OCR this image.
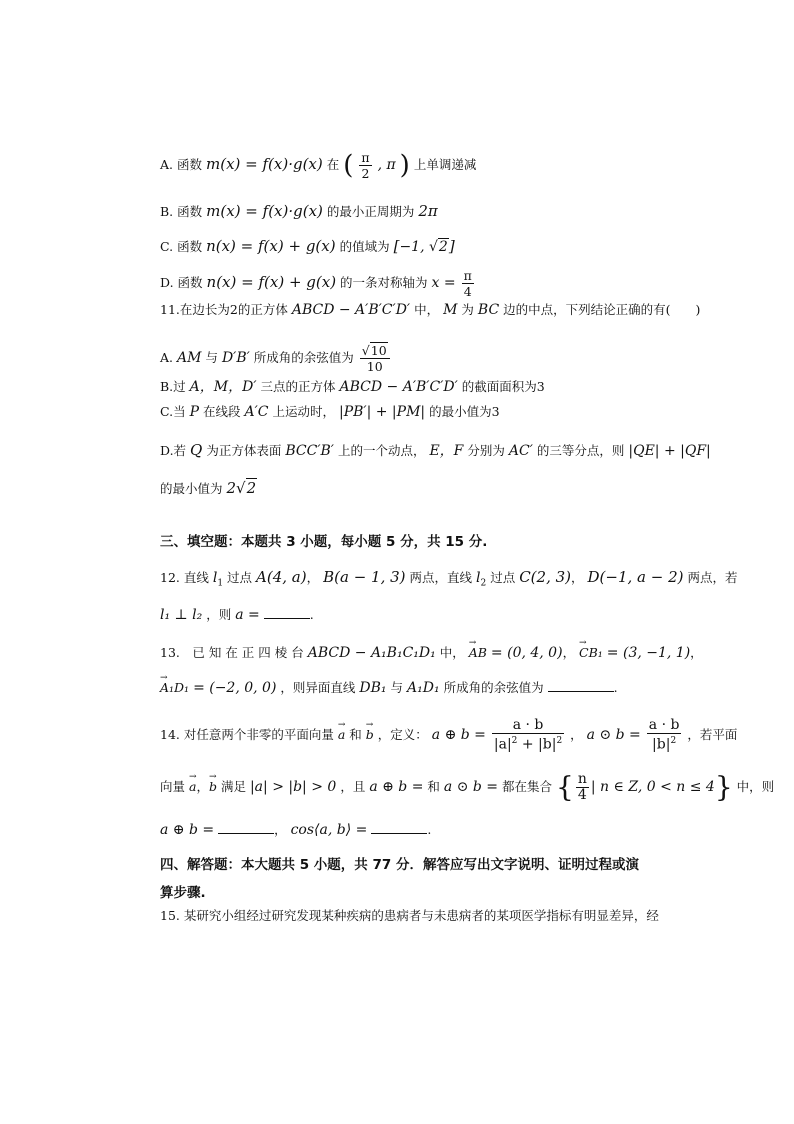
A. 函数 m(x) = f(x)·g(x) 在 ( $\frac{\pi}{2}$ , π ) 上单调递减
B. 函数 m(x) = f(x)·g(x) 的最小正周期为 2π
C. 函数 n(x) = f(x) + g(x) 的值域为 [−1, √2]
D. 函数 n(x) = f(x) + g(x) 的一条对称轴为 $x = \frac{\pi}{4}$
11.在边长为2的正方体 ABCD − A′B′C′D′ 中， M 为 BC 边的中点，下列结论正确的有(　　)
A. AM 与 D′B′ 所成角的余弦值为 $\frac{√10}{10}$
B.过 A，M，D′ 三点的正方体 ABCD − A′B′C′D′ 的截面面积为3
C.当 P 在线段 A′C 上运动时， |PB′| + |PM| 的最小值为3
D.若 Q 为正方体表面 BCC′B′ 上的一个动点， E，F 分别为 AC′ 的三等分点，则 |QE| + |QF|
的最小值为 2√2
三、填空题：本题共 3 小题，每小题 5 分，共 15 分.
12. 直线 $l_1$ 过点 A(4, a)， B(a − 1, 3) 两点，直线 $l_2$ 过点 C(2, 3)， D(−1, a − 2) 两点，若
l₁ ⊥ l₂ ，则 a =	.
13.　已 知 在 正 四 棱 台 ABCD − A₁B₁C₁D₁ 中， → AB = (0, 4, 0)， → CB₁ = (3, −1, 1)，
→ A₁D₁ = (−2, 0, 0) ，则异面直线 DB₁ 与 A₁D₁ 所成角的余弦值为	.
14. 对任意两个非零的平面向量 → a 和 → b ，定义： a ⊕ $b = \frac{a \cdot b}{|a|^2 + |b|^2}$ ， a ⊙ $b = \frac{a \cdot b}{|b|^2}$ ，若平面
向量 → a，→ b 满足 |a| > |b| > 0 ，且 a ⊕ b = 和 a ⊙ b = 都在集合 { $\frac{n}{4}$ | n ∈ Z, 0 < n ≤ 4} 中，则
a ⊕ b =	， cos⟨a, b⟩ =	.
四、解答题：本大题共 5 小题，共 77 分．解答应写出文字说明、证明过程或演
算步骤.
15. 某研究小组经过研究发现某种疾病的患病者与未患病者的某项医学指标有明显差异，经
